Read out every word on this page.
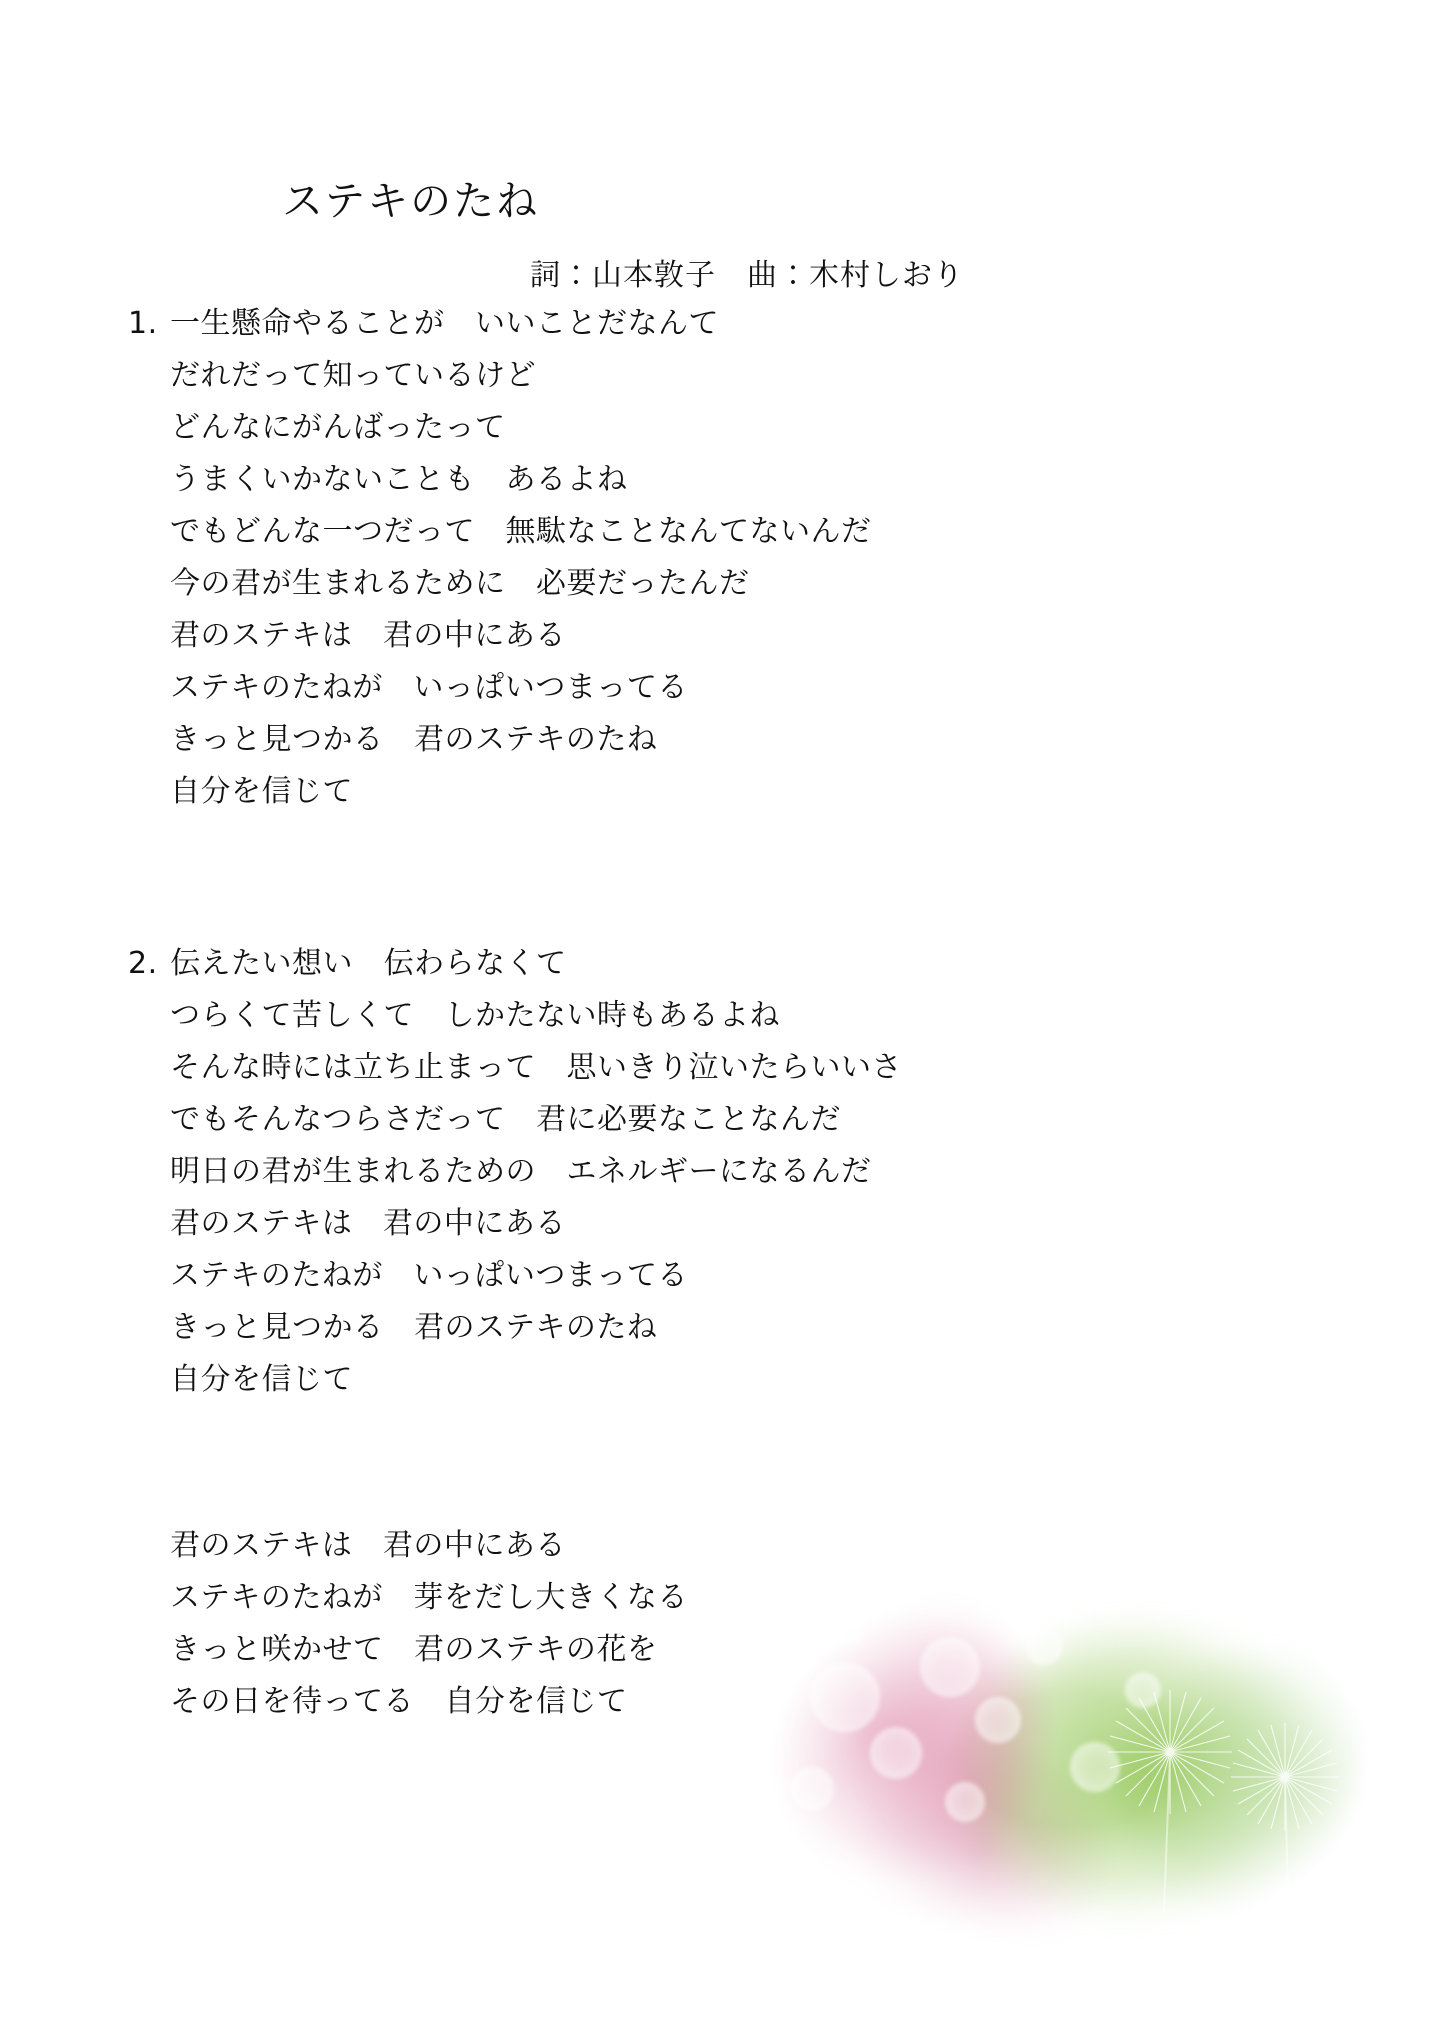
ステキのたね
詞：山本敦子　曲：木村しおり
1. 一生懸命やることが　いいことだなんて
だれだって知っているけど
どんなにがんばったって
うまくいかないことも　あるよね
でもどんな一つだって　無駄なことなんてないんだ
今の君が生まれるために　必要だったんだ
君のステキは　君の中にある
ステキのたねが　いっぱいつまってる
きっと見つかる　君のステキのたね
自分を信じて
2. 伝えたい想い　伝わらなくて
つらくて苦しくて　しかたない時もあるよね
そんな時には立ち止まって　思いきり泣いたらいいさ
でもそんなつらさだって　君に必要なことなんだ
明日の君が生まれるための　エネルギーになるんだ
君のステキは　君の中にある
ステキのたねが　いっぱいつまってる
きっと見つかる　君のステキのたね
自分を信じて
君のステキは　君の中にある
ステキのたねが　芽をだし大きくなる
きっと咲かせて　君のステキの花を
その日を待ってる　自分を信じて
